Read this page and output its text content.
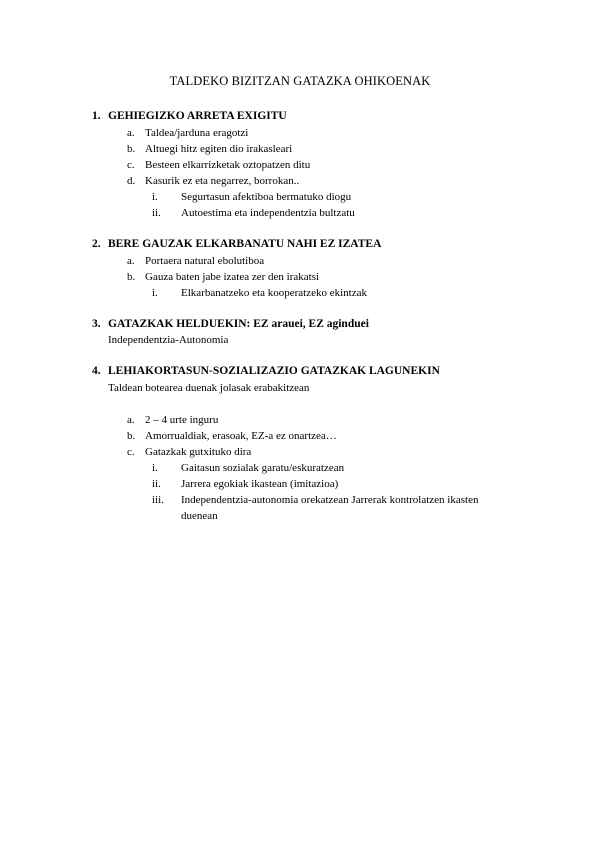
TALDEKO BIZITZAN GATAZKA OHIKOENAK
1. GEHIEGIZKO ARRETA EXIGITU
a. Taldea/jarduna eragotzi
b. Altuegi hitz egiten dio irakasleari
c. Besteen elkarrizketak oztopatzen ditu
d. Kasurik ez eta negarrez, borrokan..
i. Segurtasun afektiboa bermatuko diogu
ii. Autoestima eta independentzia bultzatu
2. BERE GAUZAK ELKARBANATU NAHI EZ IZATEA
a. Portaera natural ebolutiboa
b. Gauza baten jabe izatea zer den irakatsi
i. Elkarbanatzeko eta kooperatzeko ekintzak
3. GATAZKAK HELDUEKIN: EZ arauei, EZ aginduei
Independentzia-Autonomia
4. LEHIAKORTASUN-SOZIALIZAZIO GATAZKAK LAGUNEKIN
Taldean botearea duenak jolasak erabakitzean
a. 2 – 4 urte inguru
b. Amorrualdiak, erasoak, EZ-a ez onartzea…
c. Gatazkak gutxituko dira
i. Gaitasun sozialak garatu/eskuratzean
ii. Jarrera egokiak ikastean (imitazioa)
iii. Independentzia-autonomia orekatzean Jarrerak kontrolatzen ikasten
duenean
